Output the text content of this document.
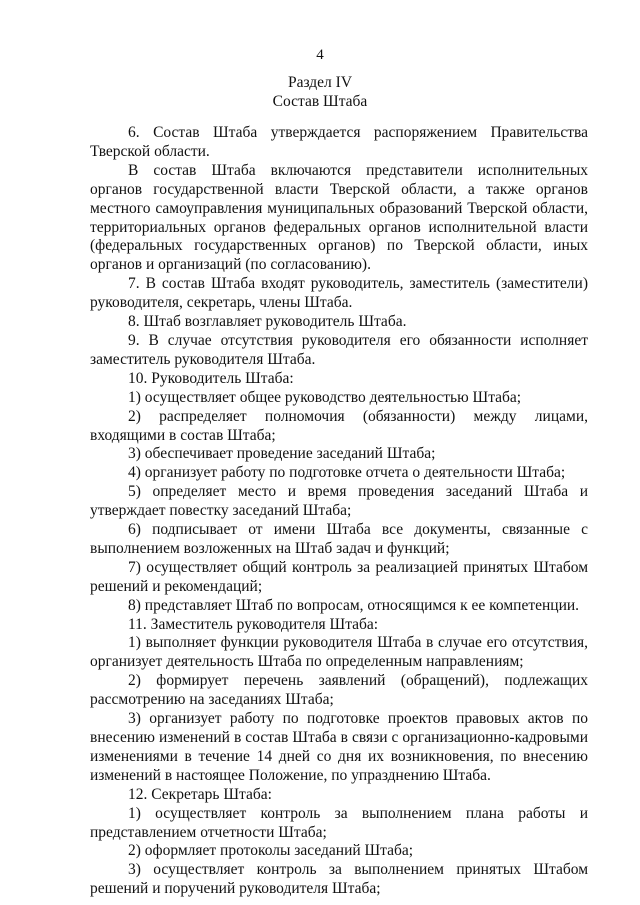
4
Раздел IV
Состав Штаба

6. Состав Штаба утверждается распоряжением Правительства Тверской области.

В состав Штаба включаются представители исполнительных органов государственной власти Тверской области, а также органов местного самоуправления муниципальных образований Тверской области, территориальных органов федеральных органов исполнительной власти (федеральных государственных органов) по Тверской области, иных органов и организаций (по согласованию).

7. В состав Штаба входят руководитель, заместитель (заместители) руководителя, секретарь, члены Штаба.

8. Штаб возглавляет руководитель Штаба.

9. В случае отсутствия руководителя его обязанности исполняет заместитель руководителя Штаба.

10. Руководитель Штаба:

1) осуществляет общее руководство деятельностью Штаба;

2) распределяет полномочия (обязанности) между лицами, входящими в состав Штаба;

3) обеспечивает проведение заседаний Штаба;

4) организует работу по подготовке отчета о деятельности Штаба;

5) определяет место и время проведения заседаний Штаба и утверждает повестку заседаний Штаба;

6) подписывает от имени Штаба все документы, связанные с выполнением возложенных на Штаб задач и функций;

7) осуществляет общий контроль за реализацией принятых Штабом решений и рекомендаций;

8) представляет Штаб по вопросам, относящимся к ее компетенции.

11. Заместитель руководителя Штаба:

1) выполняет функции руководителя Штаба в случае его отсутствия, организует деятельность Штаба по определенным направлениям;

2) формирует перечень заявлений (обращений), подлежащих рассмотрению на заседаниях Штаба;

3) организует работу по подготовке проектов правовых актов по внесению изменений в состав Штаба в связи с организационно-кадровыми изменениями в течение 14 дней со дня их возникновения, по внесению изменений в настоящее Положение, по упразднению Штаба.

12. Секретарь Штаба:

1) осуществляет контроль за выполнением плана работы и представлением отчетности Штаба;

2) оформляет протоколы заседаний Штаба;

3) осуществляет контроль за выполнением принятых Штабом решений и поручений руководителя Штаба;
